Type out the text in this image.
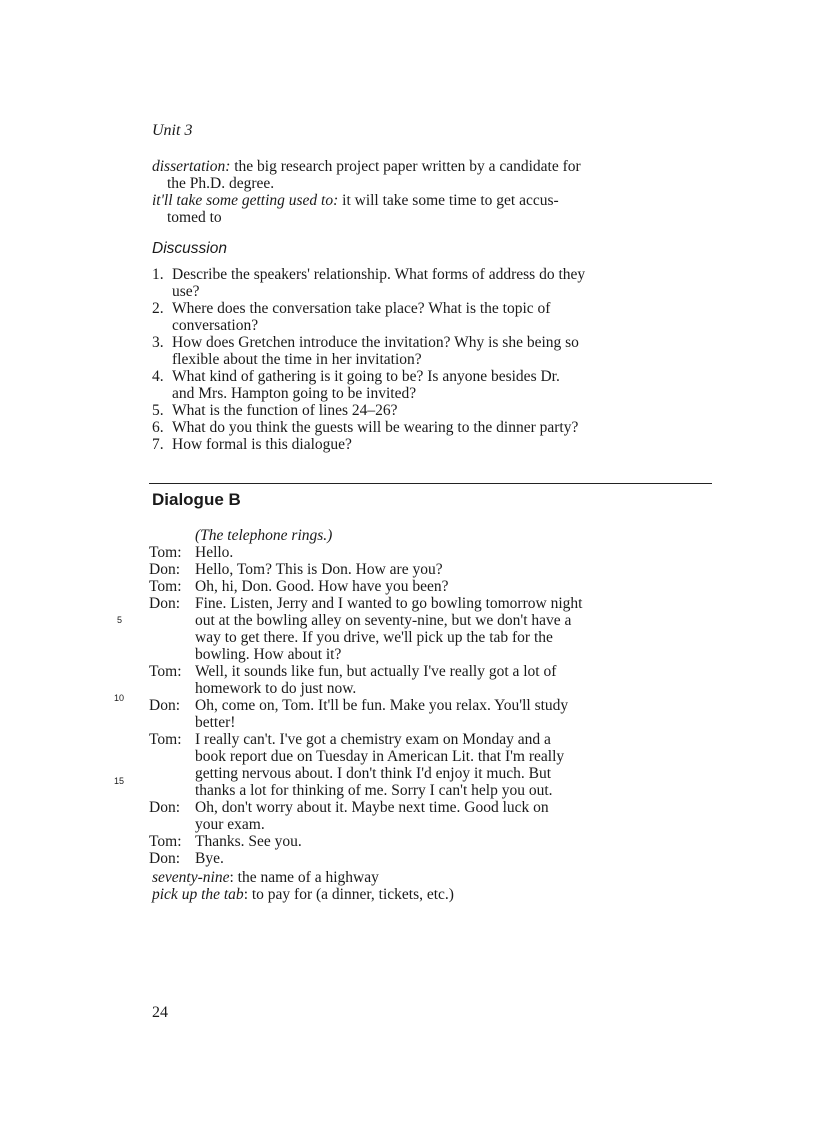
Unit 3

dissertation: the big research project paper written by a candidate for
the Ph.D. degree.
it'll take some getting used to: it will take some time to get accus-
tomed to
Discussion
1. Describe the speakers' relationship. What forms of address do they
use?
2. Where does the conversation take place? What is the topic of
conversation?
3. How does Gretchen introduce the invitation? Why is she being so
flexible about the time in her invitation?
4. What kind of gathering is it going to be? Is anyone besides Dr.
and Mrs. Hampton going to be invited?
5. What is the function of lines 24–26?
6. What do you think the guests will be wearing to the dinner party?
7. How formal is this dialogue?
Dialogue B

(The telephone rings.)

Tom: Hello.
Don: Hello, Tom? This is Don. How are you?
Tom: Oh, hi, Don. Good. How have you been?
Don: Fine. Listen, Jerry and I wanted to go bowling tomorrow night
out at the bowling alley on seventy-nine, but we don't have a
way to get there. If you drive, we'll pick up the tab for the
bowling. How about it?
Tom: Well, it sounds like fun, but actually I've really got a lot of
homework to do just now.
Don: Oh, come on, Tom. It'll be fun. Make you relax. You'll study
better!
Tom: I really can't. I've got a chemistry exam on Monday and a
book report due on Tuesday in American Lit. that I'm really
getting nervous about. I don't think I'd enjoy it much. But
thanks a lot for thinking of me. Sorry I can't help you out.
Don: Oh, don't worry about it. Maybe next time. Good luck on
your exam.
Tom: Thanks. See you.
Don: Bye.
5
10
15
seventy-nine: the name of a highway
pick up the tab: to pay for (a dinner, tickets, etc.)

24
